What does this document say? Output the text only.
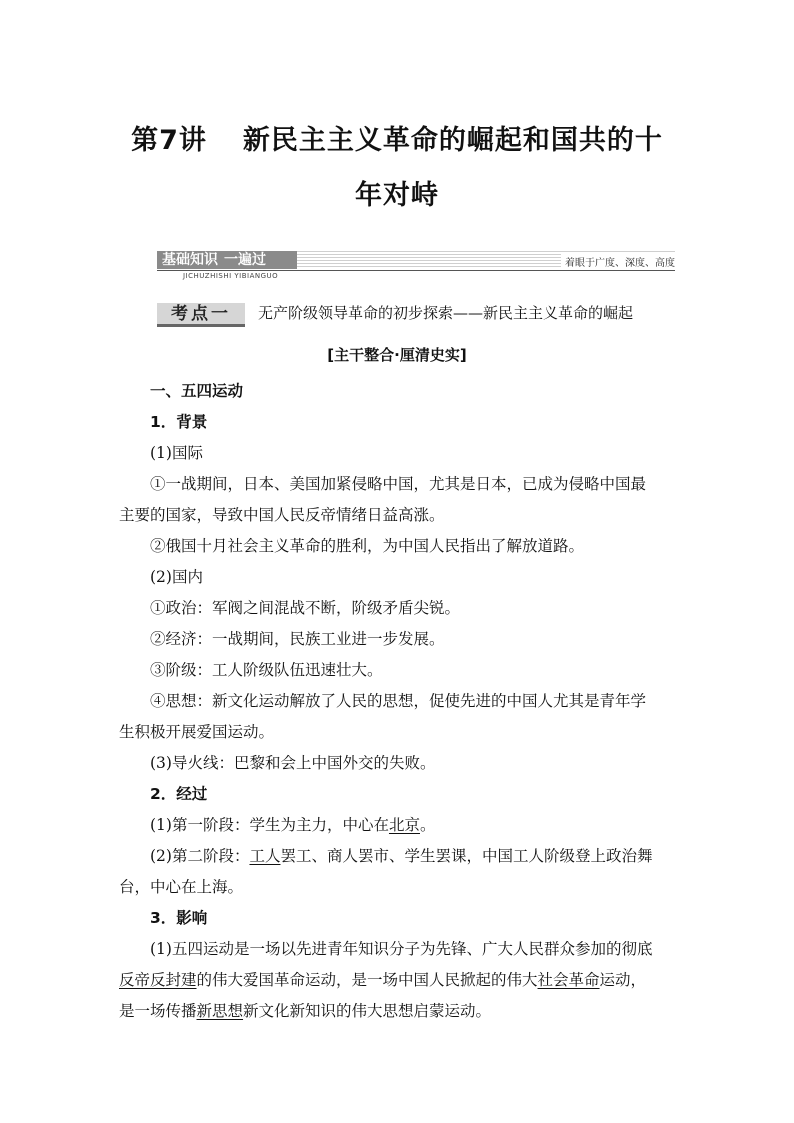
第7讲 新民主主义革命的崛起和国共的十
年对峙
基础知识 一遍过	着眼于广度、深度、高度
JICHUZHISHI YIBIANGUO
考点一	无产阶级领导革命的初步探索——新民主主义革命的崛起
[主干整合·厘清史实]
一、五四运动
1．背景
(1)国际
①一战期间，日本、美国加紧侵略中国，尤其是日本，已成为侵略中国最
主要的国家，导致中国人民反帝情绪日益高涨。
②俄国十月社会主义革命的胜利，为中国人民指出了解放道路。
(2)国内
①政治：军阀之间混战不断，阶级矛盾尖锐。
②经济：一战期间，民族工业进一步发展。
③阶级：工人阶级队伍迅速壮大。
④思想：新文化运动解放了人民的思想，促使先进的中国人尤其是青年学
生积极开展爱国运动。
(3)导火线：巴黎和会上中国外交的失败。
2．经过
(1)第一阶段：学生为主力，中心在北京。
(2)第二阶段：工人罢工、商人罢市、学生罢课，中国工人阶级登上政治舞
台，中心在上海。
3．影响
(1)五四运动是一场以先进青年知识分子为先锋、广大人民群众参加的彻底
反帝反封建的伟大爱国革命运动，是一场中国人民掀起的伟大社会革命运动，
是一场传播新思想新文化新知识的伟大思想启蒙运动。
